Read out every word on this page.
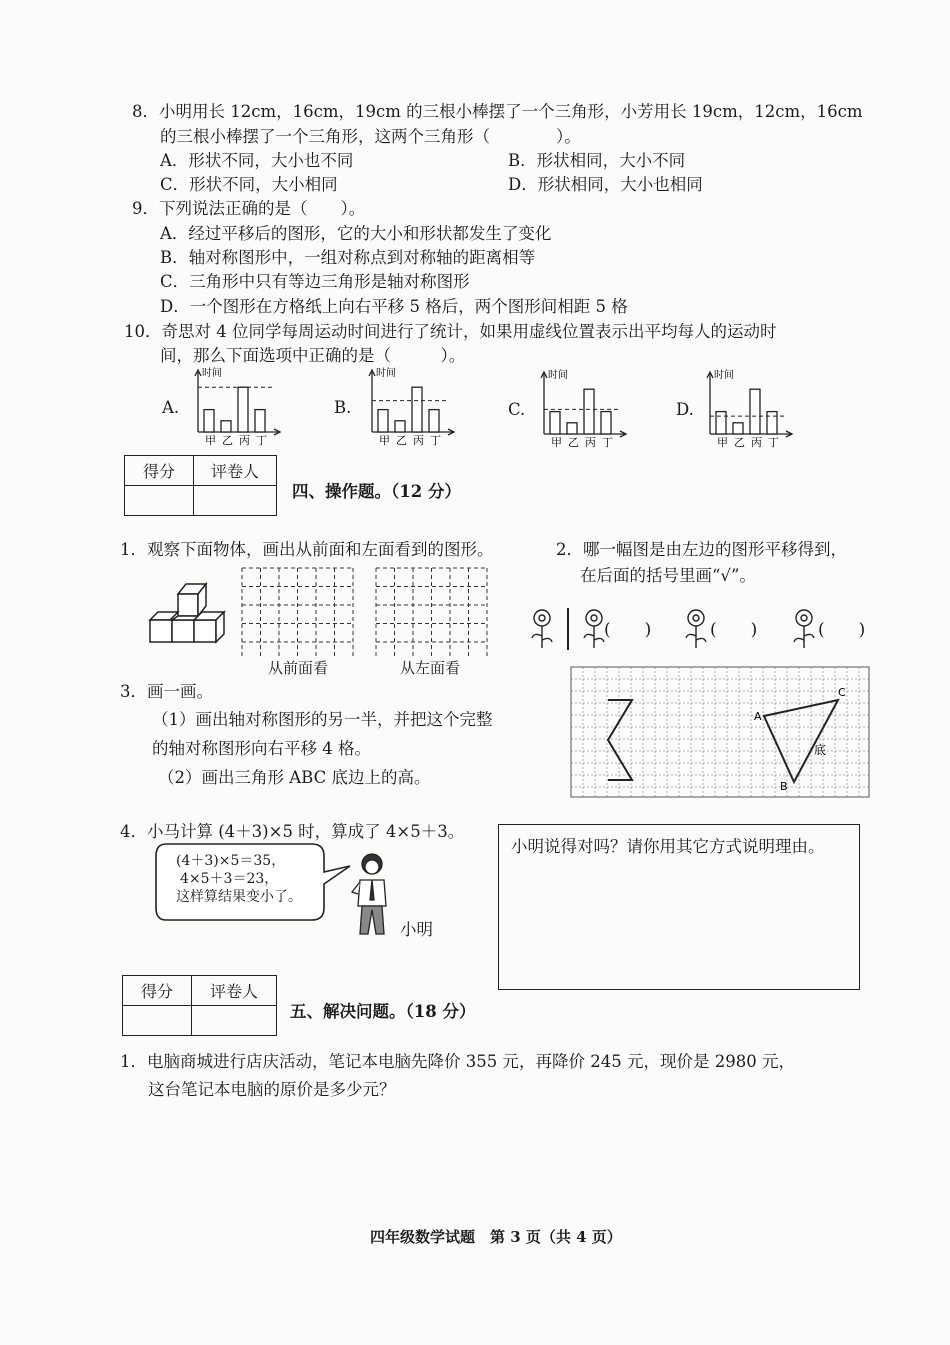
8．小明用长 12cm，16cm，19cm 的三根小棒摆了一个三角形，小芳用长 19cm，12cm，16cm
的三根小棒摆了一个三角形，这两个三角形（　　　　）。
A．形状不同，大小也不同	B．形状相同，大小不同
C．形状不同，大小相同	D．形状相同，大小也相同
9．下列说法正确的是（　　）。
A．经过平移后的图形，它的大小和形状都发生了变化
B．轴对称图形中，一组对称点到对称轴的距离相等
C．三角形中只有等边三角形是轴对称图形
D．一个图形在方格纸上向右平移 5 格后，两个图形间相距 5 格
10．奇思对 4 位同学每周运动时间进行了统计，如果用虚线位置表示出平均每人的运动时
间，那么下面选项中正确的是（　　　）。
A.	B.	C.	D.
时间
甲 乙 丙 丁
时间
甲 乙 丙 丁
时间
甲 乙 丙 丁
时间
甲 乙 丙 丁
得分	评卷人

四、操作题。（12 分）
1．观察下面物体，画出从前面和左面看到的图形。
从前面看	从左面看
2．哪一幅图是由左边的图形平移得到，
在后面的括号里画“√”。
(　　)	(　　)	(　　)
3．画一画。
（1）画出轴对称图形的另一半，并把这个完整
的轴对称图形向右平移 4 格。
（2）画出三角形 ABC 底边上的高。
A
C
B
底
4．小马计算 (4＋3)×5 时，算成了 4×5＋3。
(4＋3)×5＝35，
4×5＋3＝23，
这样算结果变小了。
小明
小明说得对吗？请你用其它方式说明理由。
得分	评卷人

五、解决问题。（18 分）
1．电脑商城进行店庆活动，笔记本电脑先降价 355 元，再降价 245 元，现价是 2980 元，
这台笔记本电脑的原价是多少元？
四年级数学试题　第 3 页（共 4 页）
